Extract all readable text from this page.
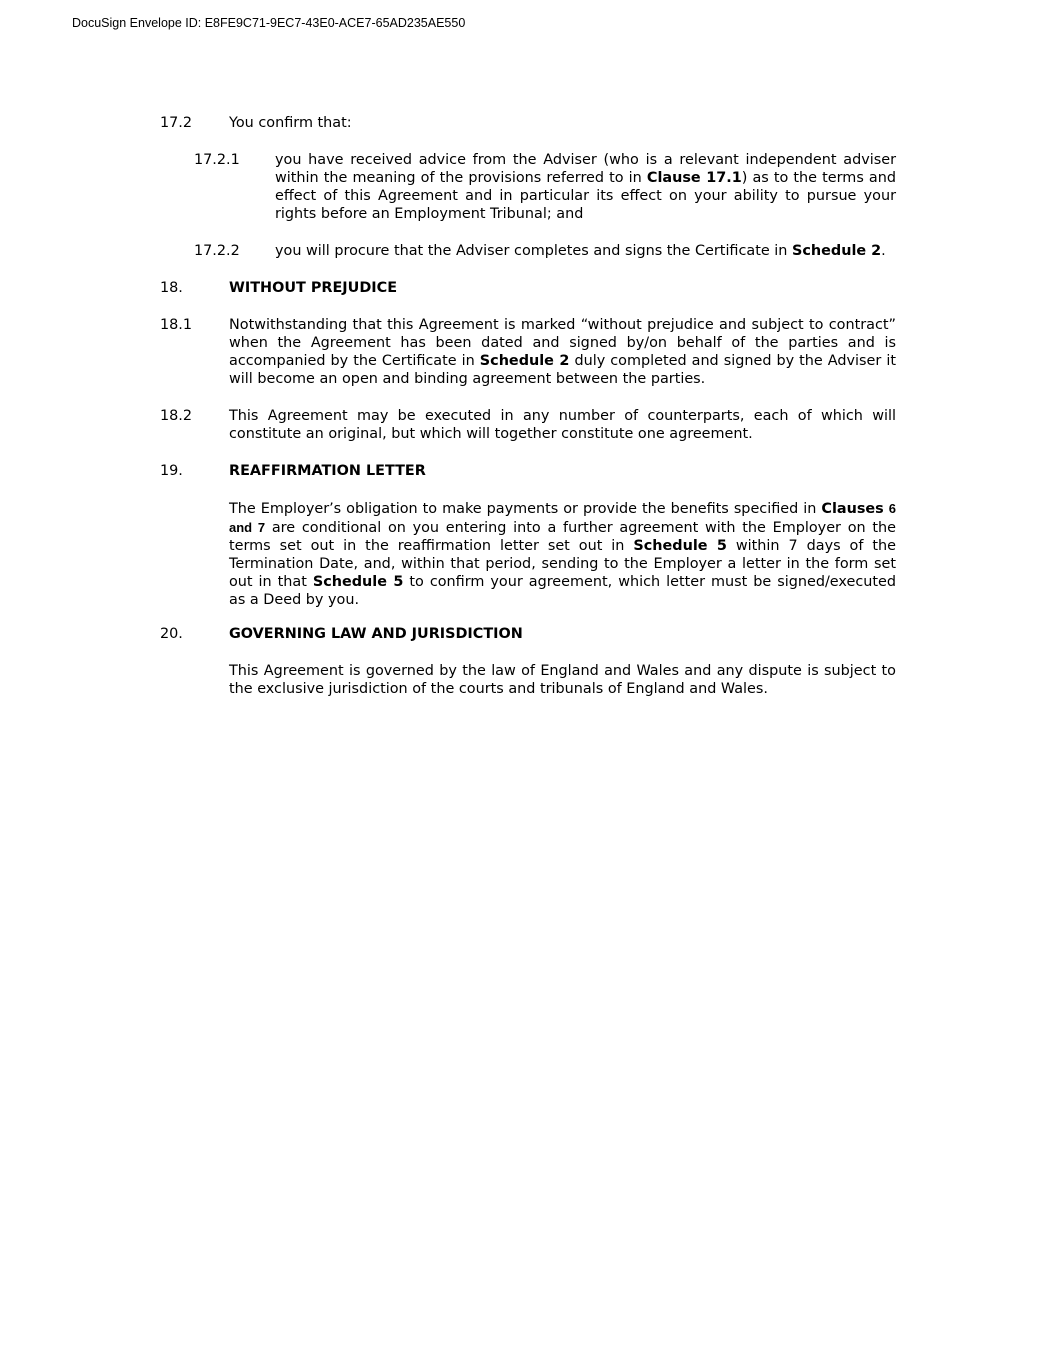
DocuSign Envelope ID: E8FE9C71-9EC7-43E0-ACE7-65AD235AE550
17.2	You confirm that:
17.2.1 you have received advice from the Adviser (who is a relevant independent adviser within the meaning of the provisions referred to in Clause 17.1) as to the terms and effect of this Agreement and in particular its effect on your ability to pursue your rights before an Employment Tribunal; and
17.2.2 you will procure that the Adviser completes and signs the Certificate in Schedule 2.
18.	WITHOUT PREJUDICE
18.1	Notwithstanding that this Agreement is marked “without prejudice and subject to contract” when the Agreement has been dated and signed by/on behalf of the parties and is accompanied by the Certificate in Schedule 2 duly completed and signed by the Adviser it will become an open and binding agreement between the parties.
18.2	This Agreement may be executed in any number of counterparts, each of which will constitute an original, but which will together constitute one agreement.
19.	REAFFIRMATION LETTER
The Employer’s obligation to make payments or provide the benefits specified in Clauses 6 and 7 are conditional on you entering into a further agreement with the Employer on the terms set out in the reaffirmation letter set out in Schedule 5 within 7 days of the Termination Date, and, within that period, sending to the Employer a letter in the form set out in that Schedule 5 to confirm your agreement, which letter must be signed/executed as a Deed by you.
20.	GOVERNING LAW AND JURISDICTION
This Agreement is governed by the law of England and Wales and any dispute is subject to the exclusive jurisdiction of the courts and tribunals of England and Wales.
